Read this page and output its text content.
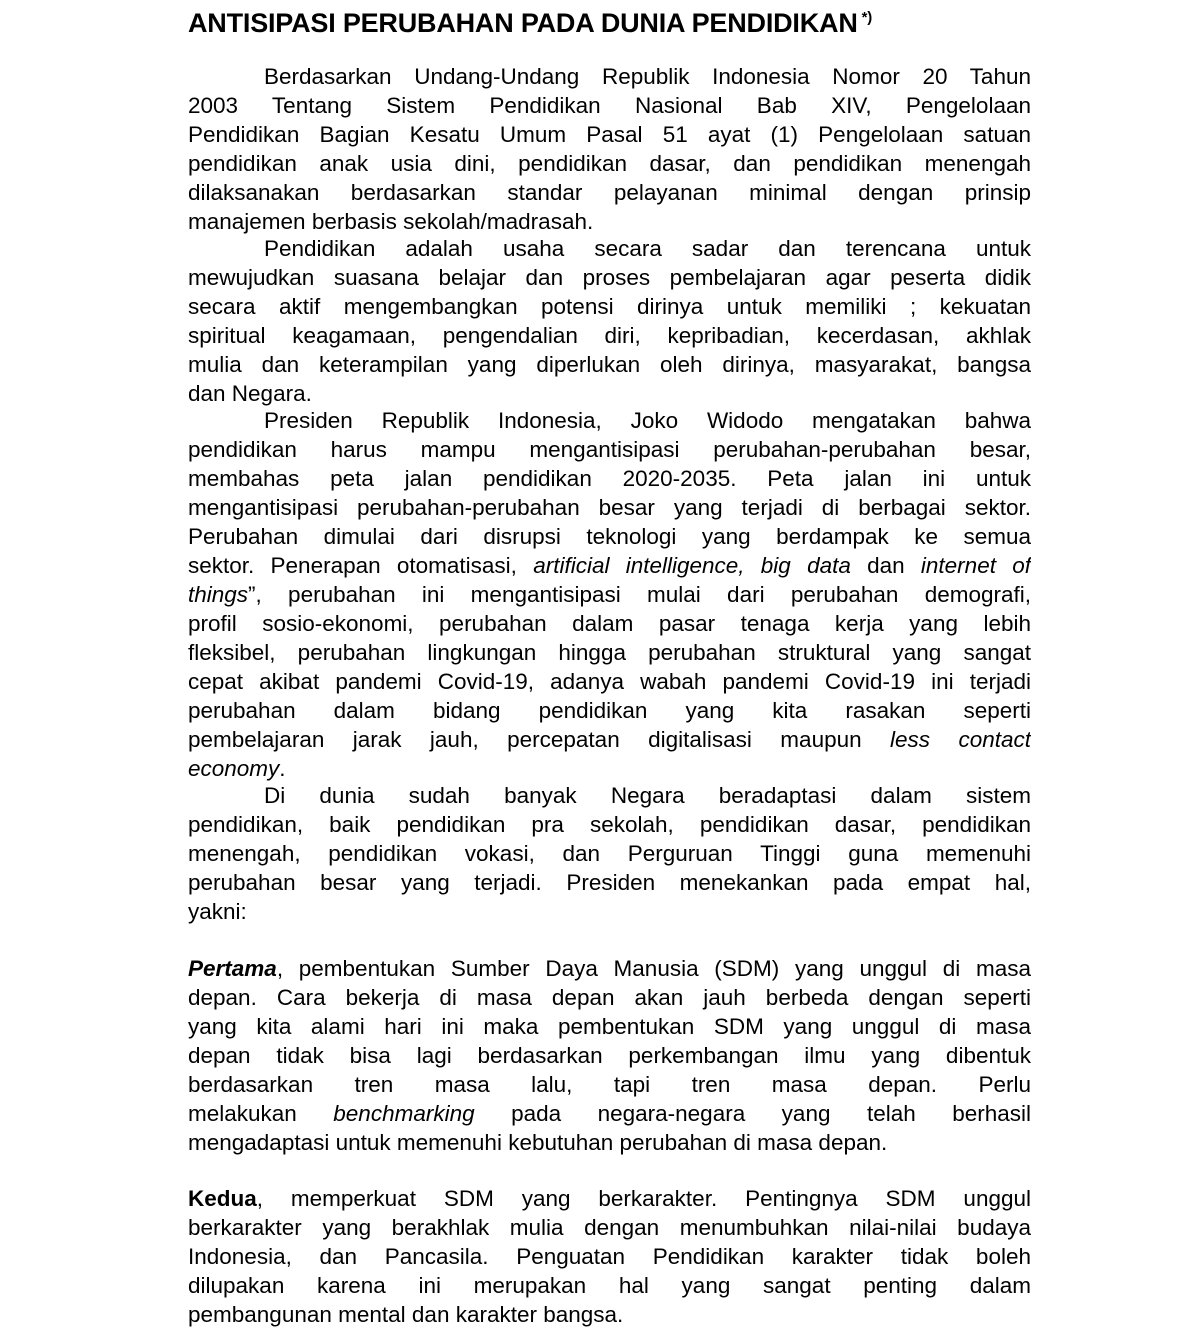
ANTISIPASI PERUBAHAN PADA DUNIA PENDIDIKAN *)
Berdasarkan Undang-Undang Republik Indonesia Nomor 20 Tahun
2003 Tentang Sistem Pendidikan Nasional Bab XIV, Pengelolaan
Pendidikan Bagian Kesatu Umum Pasal 51 ayat (1) Pengelolaan satuan
pendidikan anak usia dini, pendidikan dasar, dan pendidikan menengah
dilaksanakan berdasarkan standar pelayanan minimal dengan prinsip
manajemen berbasis sekolah/madrasah.
Pendidikan adalah usaha secara sadar dan terencana untuk
mewujudkan suasana belajar dan proses pembelajaran agar peserta didik
secara aktif mengembangkan potensi dirinya untuk memiliki ; kekuatan
spiritual keagamaan, pengendalian diri, kepribadian, kecerdasan, akhlak
mulia dan keterampilan yang diperlukan oleh dirinya, masyarakat, bangsa
dan Negara.
Presiden Republik Indonesia, Joko Widodo mengatakan bahwa
pendidikan harus mampu mengantisipasi perubahan-perubahan besar,
membahas peta jalan pendidikan 2020-2035. Peta jalan ini untuk
mengantisipasi perubahan-perubahan besar yang terjadi di berbagai sektor.
Perubahan dimulai dari disrupsi teknologi yang berdampak ke semua
sektor. Penerapan otomatisasi, artificial intelligence, big data dan internet of
things”, perubahan ini mengantisipasi mulai dari perubahan demografi,
profil sosio-ekonomi, perubahan dalam pasar tenaga kerja yang lebih
fleksibel, perubahan lingkungan hingga perubahan struktural yang sangat
cepat akibat pandemi Covid-19, adanya wabah pandemi Covid-19 ini terjadi
perubahan dalam bidang pendidikan yang kita rasakan seperti
pembelajaran jarak jauh, percepatan digitalisasi maupun less contact
economy.
Di dunia sudah banyak Negara beradaptasi dalam sistem
pendidikan, baik pendidikan pra sekolah, pendidikan dasar, pendidikan
menengah, pendidikan vokasi, dan Perguruan Tinggi guna memenuhi
perubahan besar yang terjadi. Presiden menekankan pada empat hal,
yakni:
Pertama, pembentukan Sumber Daya Manusia (SDM) yang unggul di masa
depan. Cara bekerja di masa depan akan jauh berbeda dengan seperti
yang kita alami hari ini maka pembentukan SDM yang unggul di masa
depan tidak bisa lagi berdasarkan perkembangan ilmu yang dibentuk
berdasarkan tren masa lalu, tapi tren masa depan. Perlu
melakukan benchmarking pada negara-negara yang telah berhasil
mengadaptasi untuk memenuhi kebutuhan perubahan di masa depan.
Kedua, memperkuat SDM yang berkarakter. Pentingnya SDM unggul
berkarakter yang berakhlak mulia dengan menumbuhkan nilai-nilai budaya
Indonesia, dan Pancasila. Penguatan Pendidikan karakter tidak boleh
dilupakan karena ini merupakan hal yang sangat penting dalam
pembangunan mental dan karakter bangsa.
